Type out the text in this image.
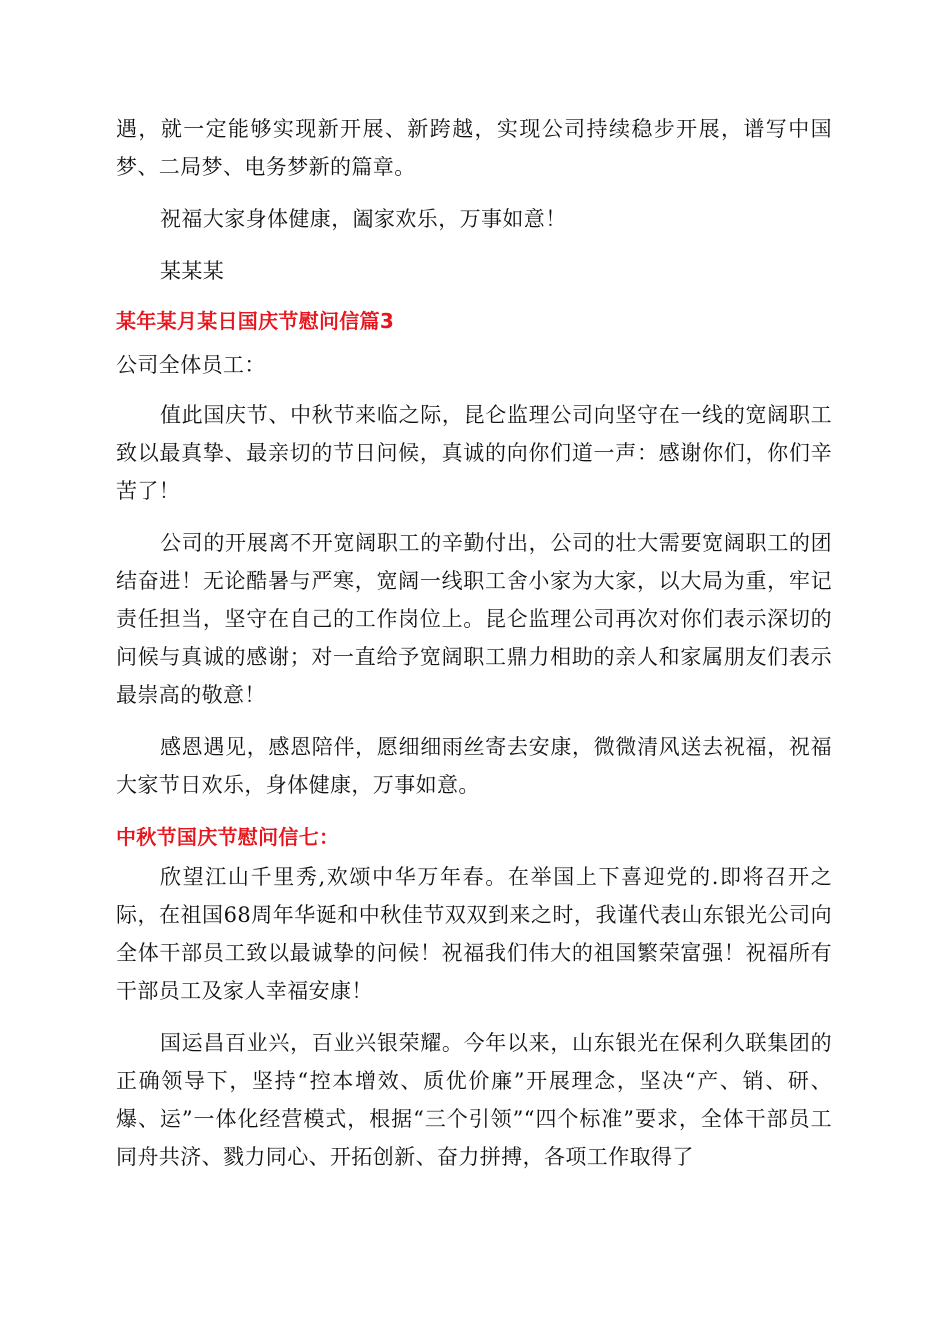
遇，就一定能够实现新开展、新跨越，实现公司持续稳步开展，谱写中国梦、二局梦、电务梦新的篇章。

祝福大家身体健康，阖家欢乐，万事如意！

某某某

某年某月某日国庆节慰问信篇3

公司全体员工：

值此国庆节、中秋节来临之际，昆仑监理公司向坚守在一线的宽阔职工致以最真挚、最亲切的节日问候，真诚的向你们道一声：感谢你们，你们辛苦了！

公司的开展离不开宽阔职工的辛勤付出，公司的壮大需要宽阔职工的团结奋进！无论酷暑与严寒，宽阔一线职工舍小家为大家，以大局为重，牢记责任担当，坚守在自己的工作岗位上。昆仑监理公司再次对你们表示深切的问候与真诚的感谢；对一直给予宽阔职工鼎力相助的亲人和家属朋友们表示最崇高的敬意！

感恩遇见，感恩陪伴，愿细细雨丝寄去安康，微微清风送去祝福，祝福大家节日欢乐，身体健康，万事如意。

中秋节国庆节慰问信七：

欣望江山千里秀,欢颂中华万年春。在举国上下喜迎党的.即将召开之际，在祖国68周年华诞和中秋佳节双双到来之时，我谨代表山东银光公司向全体干部员工致以最诚挚的问候！祝福我们伟大的祖国繁荣富强！祝福所有干部员工及家人幸福安康！

国运昌百业兴，百业兴银荣耀。今年以来，山东银光在保利久联集团的正确领导下，坚持“控本增效、质优价廉”开展理念，坚决“产、销、研、爆、运”一体化经营模式，根据“三个引领”“四个标准”要求，全体干部员工同舟共济、戮力同心、开拓创新、奋力拼搏，各项工作取得了
